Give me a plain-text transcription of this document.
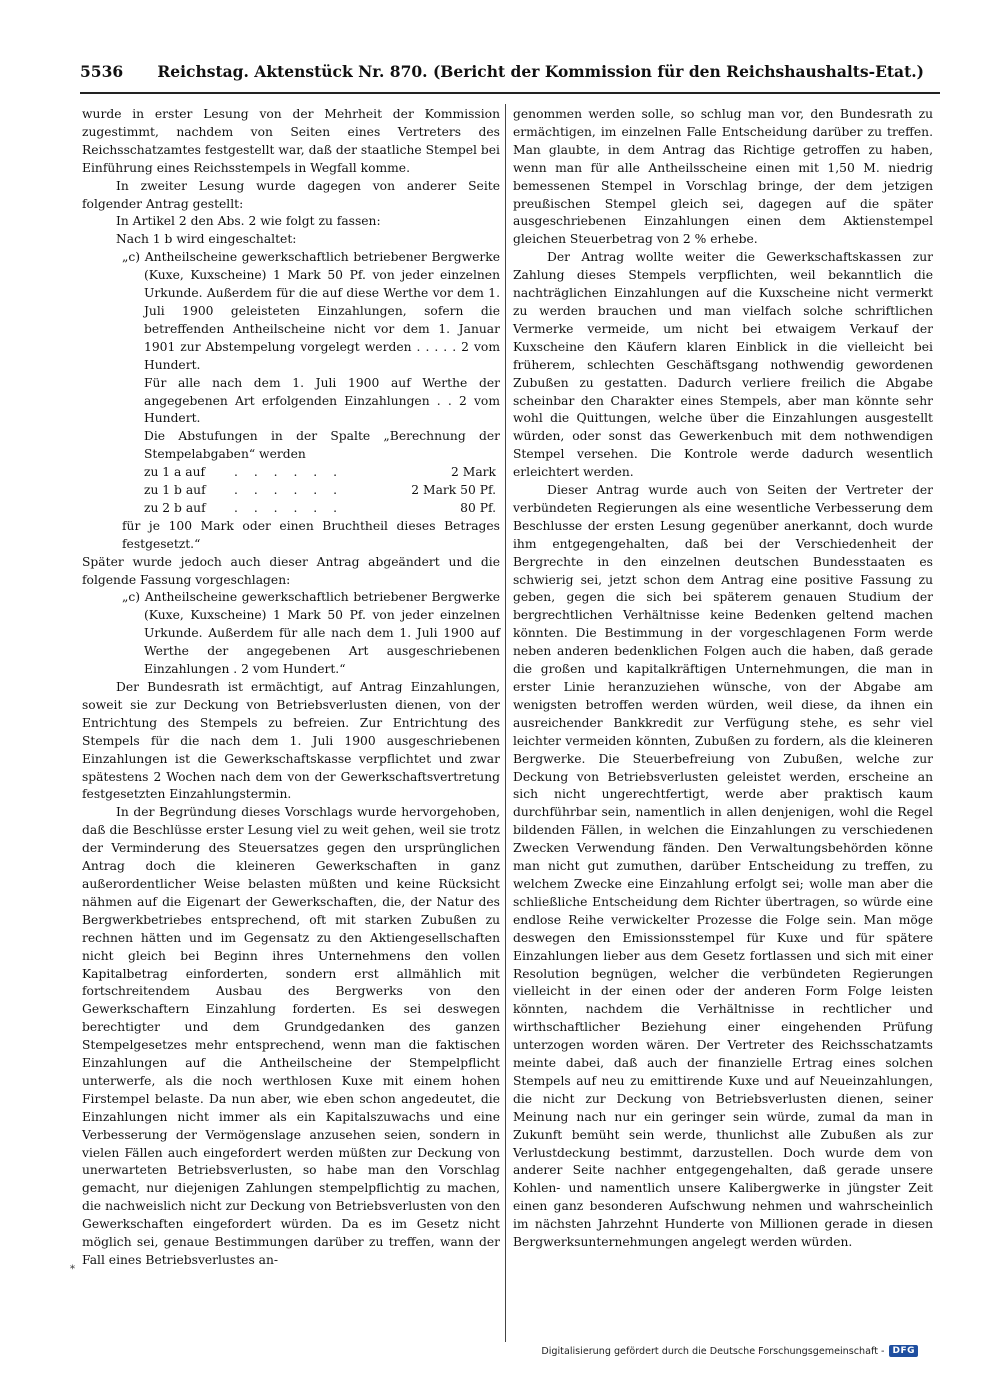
5536 Reichstag. Aktenstück Nr. 870. (Bericht der Kommission für den Reichshaushalts-Etat.)

wurde in erster Lesung von der Mehrheit der Kommission zugestimmt, nachdem von Seiten eines Vertreters des Reichsschatzamtes festgestellt war, daß der staatliche Stempel bei Einführung eines Reichsstempels in Wegfall komme.

In zweiter Lesung wurde dagegen von anderer Seite folgender Antrag gestellt:

In Artikel 2 den Abs. 2 wie folgt zu fassen:

Nach 1 b wird eingeschaltet:

„c) Antheilscheine gewerkschaftlich betriebener Bergwerke (Kuxe, Kuxscheine) 1 Mark 50 Pf. von jeder einzelnen Urkunde. Außerdem für die auf diese Werthe vor dem 1. Juli 1900 geleisteten Einzahlungen, sofern die betreffenden Antheilscheine nicht vor dem 1. Januar 1901 zur Abstempelung vorgelegt werden . . . . . 2 vom Hundert.

Für alle nach dem 1. Juli 1900 auf Werthe der angegebenen Art erfolgenden Einzahlungen . . 2 vom Hundert.

Die Abstufungen in der Spalte „Berechnung der Stempelabgaben“ werden

zu 1 a auf	. . . . . .	2 Mark
zu 1 b auf	. . . . . .	2 Mark 50 Pf.
zu 2 b auf	. . . . . .	80 Pf.

für je 100 Mark oder einen Bruchtheil dieses Betrages festgesetzt.“

Später wurde jedoch auch dieser Antrag abgeändert und die folgende Fassung vorgeschlagen:

„c) Antheilscheine gewerkschaftlich betriebener Bergwerke (Kuxe, Kuxscheine) 1 Mark 50 Pf. von jeder einzelnen Urkunde. Außerdem für alle nach dem 1. Juli 1900 auf Werthe der angegebenen Art ausgeschriebenen Einzahlungen . 2 vom Hundert.“

Der Bundesrath ist ermächtigt, auf Antrag Einzahlungen, soweit sie zur Deckung von Betriebsverlusten dienen, von der Entrichtung des Stempels zu befreien. Zur Entrichtung des Stempels für die nach dem 1. Juli 1900 ausgeschriebenen Einzahlungen ist die Gewerkschaftskasse verpflichtet und zwar spätestens 2 Wochen nach dem von der Gewerkschaftsvertretung festgesetzten Einzahlungstermin.

In der Begründung dieses Vorschlags wurde hervorgehoben, daß die Beschlüsse erster Lesung viel zu weit gehen, weil sie trotz der Verminderung des Steuersatzes gegen den ursprünglichen Antrag doch die kleineren Gewerkschaften in ganz außerordentlicher Weise belasten müßten und keine Rücksicht nähmen auf die Eigenart der Gewerkschaften, die, der Natur des Bergwerkbetriebes entsprechend, oft mit starken Zubußen zu rechnen hätten und im Gegensatz zu den Aktiengesellschaften nicht gleich bei Beginn ihres Unternehmens den vollen Kapitalbetrag einforderten, sondern erst allmählich mit fortschreitendem Ausbau des Bergwerks von den Gewerkschaftern Einzahlung forderten. Es sei deswegen berechtigter und dem Grundgedanken des ganzen Stempelgesetzes mehr entsprechend, wenn man die faktischen Einzahlungen auf die Antheilscheine der Stempelpflicht unterwerfe, als die noch werthlosen Kuxe mit einem hohen Firstempel belaste. Da nun aber, wie eben schon angedeutet, die Einzahlungen nicht immer als ein Kapitalszuwachs und eine Verbesserung der Vermögenslage anzusehen seien, sondern in vielen Fällen auch eingefordert werden müßten zur Deckung von unerwarteten Betriebsverlusten, so habe man den Vorschlag gemacht, nur diejenigen Zahlungen stempelpflichtig zu machen, die nachweislich nicht zur Deckung von Betriebsverlusten von den Gewerkschaften eingefordert würden. Da es im Gesetz nicht möglich sei, genaue Bestimmungen darüber zu treffen, wann der Fall eines Betriebsverlustes an-

genommen werden solle, so schlug man vor, den Bundesrath zu ermächtigen, im einzelnen Falle Entscheidung darüber zu treffen. Man glaubte, in dem Antrag das Richtige getroffen zu haben, wenn man für alle Antheilsscheine einen mit 1,50 M. niedrig bemessenen Stempel in Vorschlag bringe, der dem jetzigen preußischen Stempel gleich sei, dagegen auf die später ausgeschriebenen Einzahlungen einen dem Aktienstempel gleichen Steuerbetrag von 2 % erhebe.

Der Antrag wollte weiter die Gewerkschaftskassen zur Zahlung dieses Stempels verpflichten, weil bekanntlich die nachträglichen Einzahlungen auf die Kuxscheine nicht vermerkt zu werden brauchen und man vielfach solche schriftlichen Vermerke vermeide, um nicht bei etwaigem Verkauf der Kuxscheine den Käufern klaren Einblick in die vielleicht bei früherem, schlechten Geschäftsgang nothwendig gewordenen Zubußen zu gestatten. Dadurch verliere freilich die Abgabe scheinbar den Charakter eines Stempels, aber man könnte sehr wohl die Quittungen, welche über die Einzahlungen ausgestellt würden, oder sonst das Gewerkenbuch mit dem nothwendigen Stempel versehen. Die Kontrole werde dadurch wesentlich erleichtert werden.

Dieser Antrag wurde auch von Seiten der Vertreter der verbündeten Regierungen als eine wesentliche Verbesserung dem Beschlusse der ersten Lesung gegenüber anerkannt, doch wurde ihm entgegengehalten, daß bei der Verschiedenheit der Bergrechte in den einzelnen deutschen Bundesstaaten es schwierig sei, jetzt schon dem Antrag eine positive Fassung zu geben, gegen die sich bei späterem genauen Studium der bergrechtlichen Verhältnisse keine Bedenken geltend machen könnten. Die Bestimmung in der vorgeschlagenen Form werde neben anderen bedenklichen Folgen auch die haben, daß gerade die großen und kapitalkräftigen Unternehmungen, die man in erster Linie heranzuziehen wünsche, von der Abgabe am wenigsten betroffen werden würden, weil diese, da ihnen ein ausreichender Bankkredit zur Verfügung stehe, es sehr viel leichter vermeiden könnten, Zubußen zu fordern, als die kleineren Bergwerke. Die Steuerbefreiung von Zubußen, welche zur Deckung von Betriebsverlusten geleistet werden, erscheine an sich nicht ungerechtfertigt, werde aber praktisch kaum durchführbar sein, namentlich in allen denjenigen, wohl die Regel bildenden Fällen, in welchen die Einzahlungen zu verschiedenen Zwecken Verwendung fänden. Den Verwaltungsbehörden könne man nicht gut zumuthen, darüber Entscheidung zu treffen, zu welchem Zwecke eine Einzahlung erfolgt sei; wolle man aber die schließliche Entscheidung dem Richter übertragen, so würde eine endlose Reihe verwickelter Prozesse die Folge sein. Man möge deswegen den Emissionsstempel für Kuxe und für spätere Einzahlungen lieber aus dem Gesetz fortlassen und sich mit einer Resolution begnügen, welcher die verbündeten Regierungen vielleicht in der einen oder der anderen Form Folge leisten könnten, nachdem die Verhältnisse in rechtlicher und wirthschaftlicher Beziehung einer eingehenden Prüfung unterzogen worden wären. Der Vertreter des Reichsschatzamts meinte dabei, daß auch der finanzielle Ertrag eines solchen Stempels auf neu zu emittirende Kuxe und auf Neueinzahlungen, die nicht zur Deckung von Betriebsverlusten dienen, seiner Meinung nach nur ein geringer sein würde, zumal da man in Zukunft bemüht sein werde, thunlichst alle Zubußen als zur Verlustdeckung bestimmt, darzustellen. Doch wurde dem von anderer Seite nachher entgegengehalten, daß gerade unsere Kohlen- und namentlich unsere Kalibergwerke in jüngster Zeit einen ganz besonderen Aufschwung nehmen und wahrscheinlich im nächsten Jahrzehnt Hunderte von Millionen gerade in diesen Bergwerksunternehmungen angelegt werden würden.

*
Digitalisierung gefördert durch die Deutsche Forschungsgemeinschaft - DFG
